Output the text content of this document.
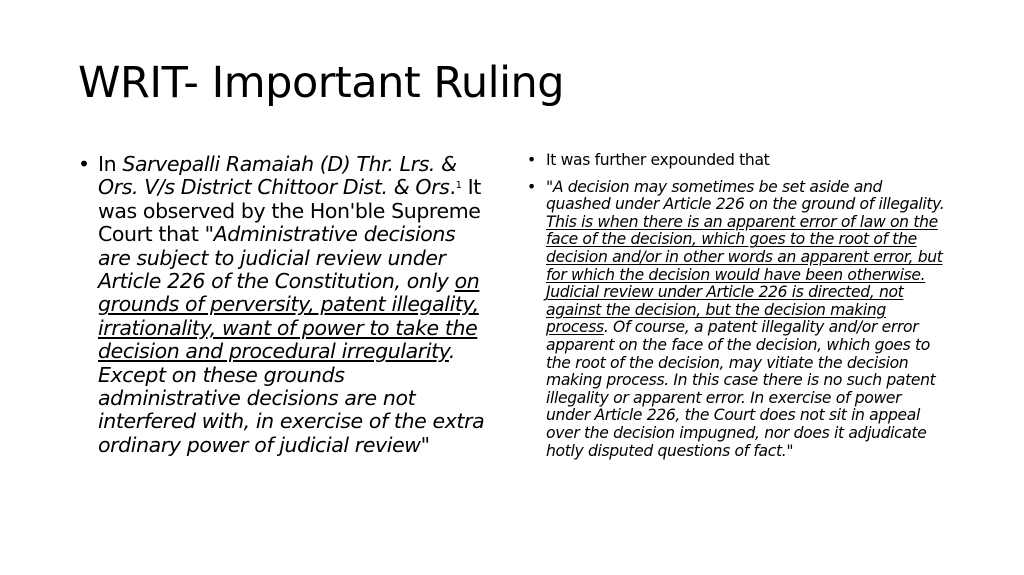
WRIT- Important Ruling
• In Sarvepalli Ramaiah (D) Thr. Lrs. & Ors. V/s District Chittoor Dist. & Ors.$^1$ It was observed by the Hon'ble Supreme Court that "Administrative decisions are subject to judicial review under Article 226 of the Constitution, only on grounds of perversity, patent illegality, irrationality, want of power to take the decision and procedural irregularity. Except on these grounds administrative decisions are not interfered with, in exercise of the extra ordinary power of judicial review"
• It was further expounded that
• "A decision may sometimes be set aside and quashed under Article 226 on the ground of illegality. This is when there is an apparent error of law on the face of the decision, which goes to the root of the decision and/or in other words an apparent error, but for which the decision would have been otherwise. Judicial review under Article 226 is directed, not against the decision, but the decision making process. Of course, a patent illegality and/or error apparent on the face of the decision, which goes to the root of the decision, may vitiate the decision making process. In this case there is no such patent illegality or apparent error. In exercise of power under Article 226, the Court does not sit in appeal over the decision impugned, nor does it adjudicate hotly disputed questions of fact."
